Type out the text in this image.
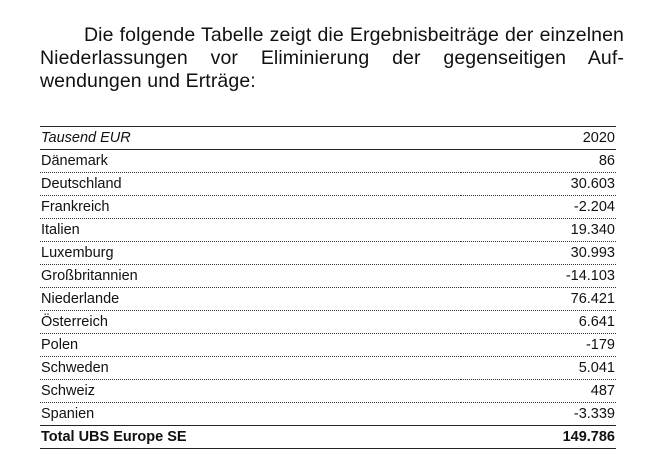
Die folgende Tabelle zeigt die Ergebnisbeiträge der einzelnen Niederlassungen vor Eliminierung der gegenseitigen Auf-wendungen und Erträge:

Tausend EUR	2020
Dänemark	86
Deutschland	30.603
Frankreich	-2.204
Italien	19.340
Luxemburg	30.993
Großbritannien	-14.103
Niederlande	76.421
Österreich	6.641
Polen	-179
Schweden	5.041
Schweiz	487
Spanien	-3.339
Total UBS Europe SE	149.786
